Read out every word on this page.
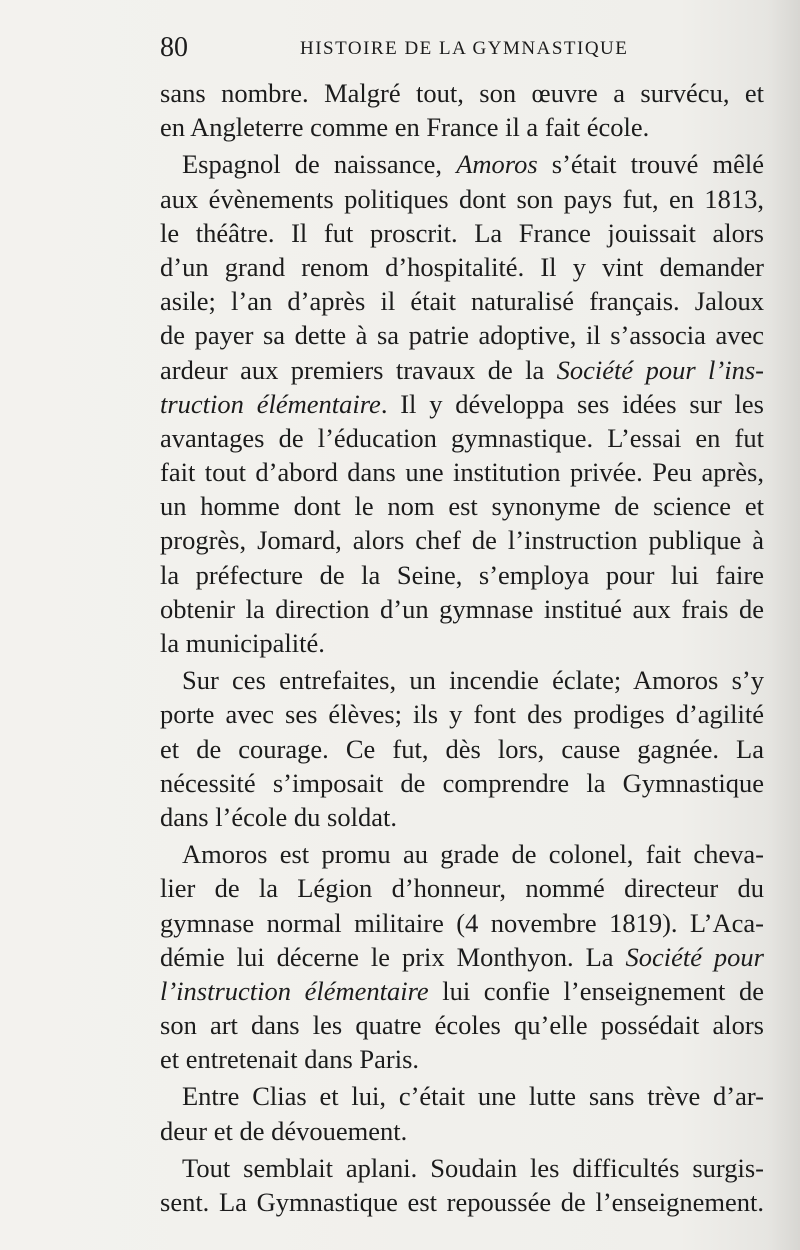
80	HISTOIRE DE LA GYMNASTIQUE
sans nombre. Malgré tout, son œuvre a survécu, et
en Angleterre comme en France il a fait école.
Espagnol de naissance, Amoros s’était trouvé mêlé
aux évènements politiques dont son pays fut, en 1813,
le théâtre. Il fut proscrit. La France jouissait alors
d’un grand renom d’hospitalité. Il y vint demander
asile; l’an d’après il était naturalisé français. Jaloux
de payer sa dette à sa patrie adoptive, il s’associa avec
ardeur aux premiers travaux de la Société pour l’ins-
truction élémentaire. Il y développa ses idées sur les
avantages de l’éducation gymnastique. L’essai en fut
fait tout d’abord dans une institution privée. Peu après,
un homme dont le nom est synonyme de science et
progrès, Jomard, alors chef de l’instruction publique à
la préfecture de la Seine, s’employa pour lui faire
obtenir la direction d’un gymnase institué aux frais de
la municipalité.
Sur ces entrefaites, un incendie éclate; Amoros s’y
porte avec ses élèves; ils y font des prodiges d’agilité
et de courage. Ce fut, dès lors, cause gagnée. La
nécessité s’imposait de comprendre la Gymnastique
dans l’école du soldat.
Amoros est promu au grade de colonel, fait cheva-
lier de la Légion d’honneur, nommé directeur du
gymnase normal militaire (4 novembre 1819). L’Aca-
démie lui décerne le prix Monthyon. La Société pour
l’instruction élémentaire lui confie l’enseignement de
son art dans les quatre écoles qu’elle possédait alors
et entretenait dans Paris.
Entre Clias et lui, c’était une lutte sans trève d’ar-
deur et de dévouement.
Tout semblait aplani. Soudain les difficultés surgis-
sent. La Gymnastique est repoussée de l’enseignement.
